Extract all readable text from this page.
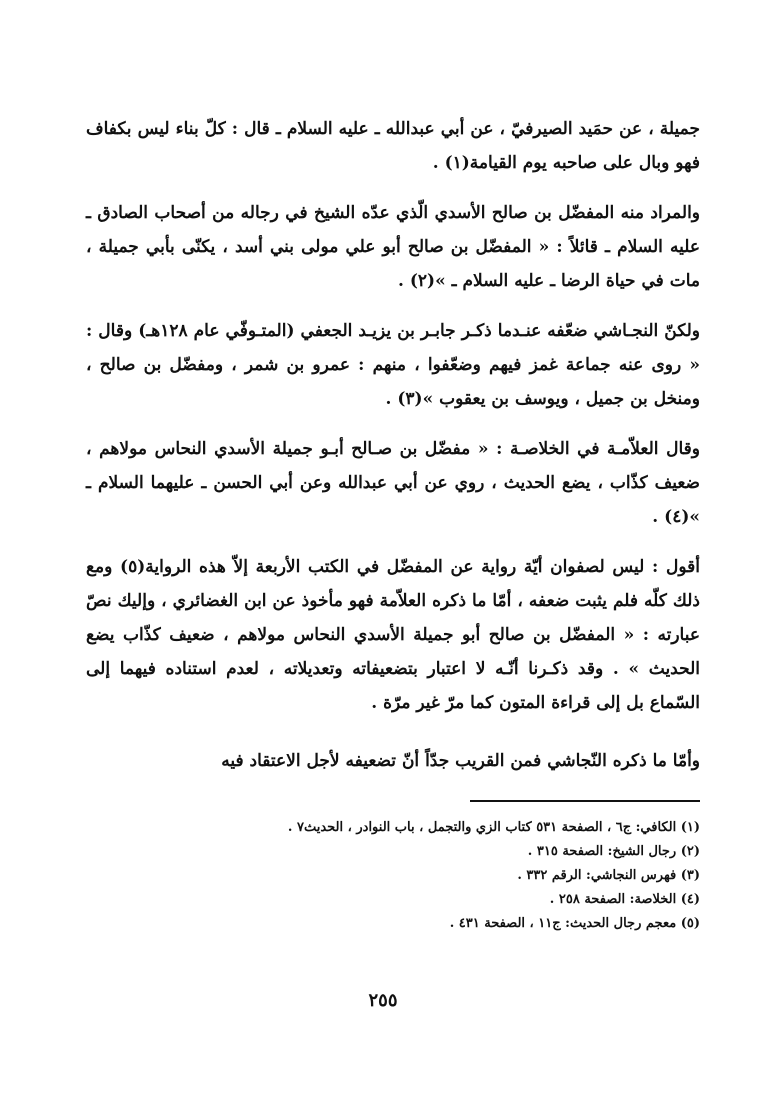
جميلة ، عن حمَيد الصيرفيّ ، عن أبي عبدالله ـ عليه السلام ـ قال : كلّ بناء ليس بكفاف فهو وبال على صاحبه يوم القيامة(١) .

والمراد منه المفضّل بن صالح الأسدي الّذي عدّه الشيخ في رجاله من أصحاب الصادق ـ عليه السلام ـ قائلاً : « المفضّل بن صالح أبو علي مولى بني أسد ، يكنّى بأبي جميلة ، مات في حياة الرضا ـ عليه السلام ـ »(٢) .

ولكنّ النجـاشي ضعّفه عنـدما ذكـر جابـر بن يزيـد الجعفي (المتـوفّي عام ١٢٨هـ) وقال : « روى عنه جماعة غمز فيهم وضعّفوا ، منهم : عمرو بن شمر ، ومفضّل بن صالح ، ومنخل بن جميل ، ويوسف بن يعقوب »(٣) .

وقال العلاّمـة في الخلاصـة : « مفضّل بن صـالح أبـو جميلة الأسدي النحاس مولاهم ، ضعيف كذّاب ، يضع الحديث ، روي عن أبي عبدالله وعن أبي الحسن ـ عليهما السلام ـ »(٤) .

أقول : ليس لصفوان أيّة رواية عن المفضّل في الكتب الأربعة إلاّ هذه الرواية(٥) ومع ذلك كلّه فلم يثبت ضعفه ، أمّا ما ذكره العلاّمة فهو مأخوذ عن ابن الغضائري ، وإليك نصّ عبارته : « المفضّل بن صالح أبو جميلة الأسدي النحاس مولاهم ، ضعيف كذّاب يضع الحديث » . وقد ذكـرنا أنّـه لا اعتبار بتضعيفاته وتعديلاته ، لعدم استناده فيهما إلى السّماع بل إلى قراءة المتون كما مرّ غير مرّة .

وأمّا ما ذكره النّجاشي فمن القريب جدّاً أنّ تضعيفه لأجل الاعتقاد فيه

(١) الكافي: ج٦ ، الصفحة ٥٣١ كتاب الزي والتجمل ، باب النوادر ، الحديث٧ .

(٢) رجال الشيخ: الصفحة ٣١٥ .

(٣) فهرس النجاشي: الرقم ٣٣٢ .

(٤) الخلاصة: الصفحة ٢٥٨ .

(٥) معجم رجال الحديث: ج١١ ، الصفحة ٤٣١ .

٢٥٥
